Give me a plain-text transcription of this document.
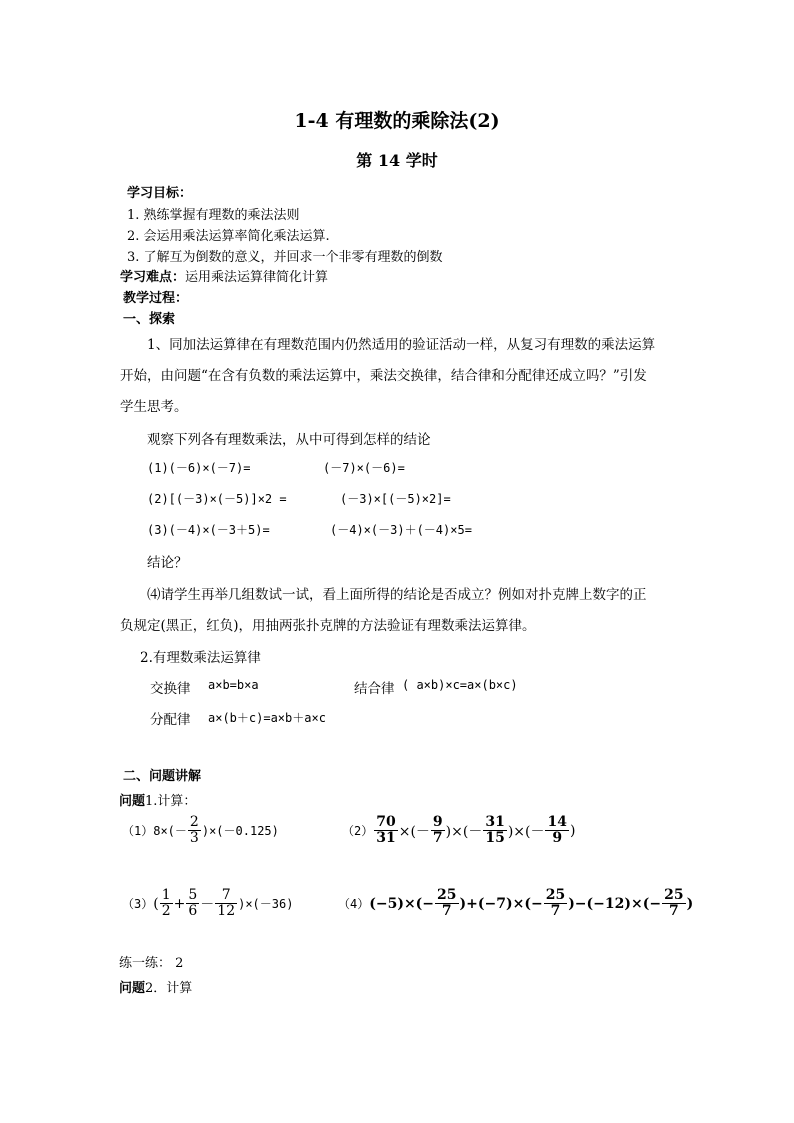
1-4 有理数的乘除法(2)
第 14 学时
学习目标：
1. 熟练掌握有理数的乘法法则
2. 会运用乘法运算率简化乘法运算.
3. 了解互为倒数的意义，并回求一个非零有理数的倒数
学习难点：运用乘法运算律简化计算
教学过程：
一、探索
1、同加法运算律在有理数范围内仍然适用的验证活动一样，从复习有理数的乘法运算
开始，由问题“在含有负数的乘法运算中，乘法交换律，结合律和分配律还成立吗？”引发
学生思考。
观察下列各有理数乘法，从中可得到怎样的结论
(1)(－6)×(－7)=	(－7)×(－6)=
(2)[(－3)×(－5)]×2 =	(－3)×[(－5)×2]=
(3)(－4)×(－3＋5)=	(－4)×(－3)＋(－4)×5=
结论？
⑷请学生再举几组数试一试，看上面所得的结论是否成立？例如对扑克牌上数字的正
负规定(黑正，红负)，用抽两张扑克牌的方法验证有理数乘法运算律。
2.有理数乘法运算律
交换律 a×b=b×a	结合律 ( a×b)×c=a×(b×c)
分配律 a×(b＋c)=a×b＋a×c
二、问题讲解
问题1.计算：
（1） $8\times(- \frac{2}{3} )\times(-0.125)$	$(2) \frac{70}{31}$ ×(－ $\frac{9}{7}$ )×(－ $\frac{31}{15}$ )×(－ $\frac{14}{9}$ )
（3） ( $\frac{1}{2} + \frac{5}{6} - \frac{7}{12} )\times(-36)$	（4） $(-5)\times(- \frac{25}{7} )+(-7)\times(- \frac{25}{7} )-(-12)\times(- \frac{25}{7}$ )
练一练： 2
问题2．计算
